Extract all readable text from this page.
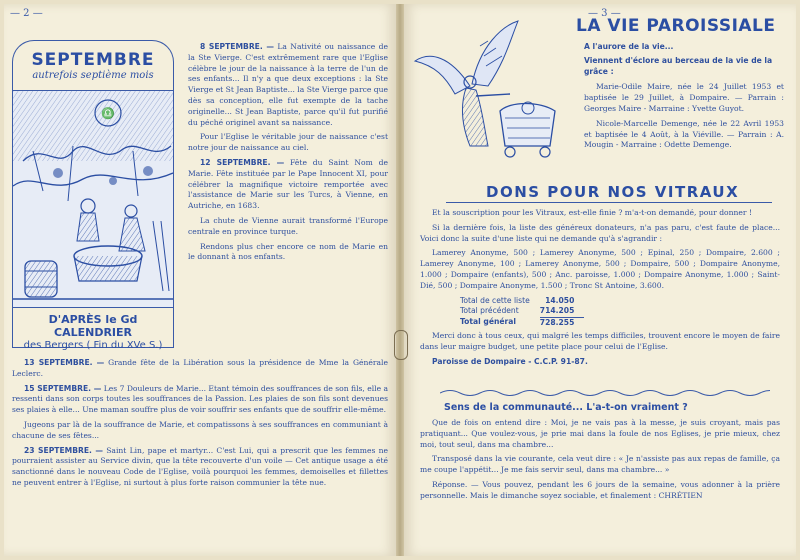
— 2 —
SEPTEMBRE
autrefois septième mois
♎
D'APRÈS le Gd CALENDRIER
des Bergers ( Fin du XVe S.)

8 SEPTEMBRE. — La Nativité ou naissance de la Ste Vierge. C'est extrêmement rare que l'Eglise célèbre le jour de la naissance à la terre de l'un de ses enfants... Il n'y a que deux exceptions : la Ste Vierge et St Jean Baptiste... la Ste Vierge parce que dès sa conception, elle fut exempte de la tache originelle... St Jean Baptiste, parce qu'il fut purifié du péché originel avant sa naissance.

Pour l'Eglise le véritable jour de naissance c'est notre jour de naissance au ciel.

12 SEPTEMBRE. — Fête du Saint Nom de Marie. Fête instituée par le Pape Innocent XI, pour célébrer la magnifique victoire remportée avec l'assistance de Marie sur les Turcs, à Vienne, en Autriche, en 1683.

La chute de Vienne aurait transformé l'Europe centrale en province turque.

Rendons plus cher encore ce nom de Marie en le donnant à nos enfants.

13 SEPTEMBRE. — Grande fête de la Libération sous la présidence de Mme la Générale Leclerc.

15 SEPTEMBRE. — Les 7 Douleurs de Marie... Etant témoin des souffrances de son fils, elle a ressenti dans son corps toutes les souffrances de la Passion. Les plaies de son fils sont devenues ses plaies à elle... Une maman souffre plus de voir souffrir ses enfants que de souffrir elle-même.

Jugeons par là de la souffrance de Marie, et compatissons à ses souffrances en communiant à chacune de ses fêtes...

23 SEPTEMBRE. — Saint Lin, pape et martyr... C'est Lui, qui a prescrit que les femmes ne pourraient assister au Service divin, que la tête recouverte d'un voile — Cet antique usage a été sanctionné dans le nouveau Code de l'Eglise, voilà pourquoi les femmes, demoiselles et fillettes ne peuvent entrer à l'Eglise, ni surtout à plus forte raison communier la tête nue.

— 3 —
LA VIE PAROISSIALE
A l'aurore de la vie...
Viennent d'éclore au berceau de la vie de la grâce :

Marie-Odile Maire, née le 24 Juillet 1953 et baptisée le 29 Juillet, à Dompaire. — Parrain : Georges Maire - Marraine : Yvette Guyot.

Nicole-Marcelle Demenge, née le 22 Avril 1953 et baptisée le 4 Août, à la Viéville. — Parrain : A. Mougin - Marraine : Odette Demenge.

DONS POUR NOS VITRAUX

Et la souscription pour les Vitraux, est-elle finie ? m'a-t-on demandé, pour donner !

Si la dernière fois, la liste des généreux donateurs, n'a pas paru, c'est faute de place... Voici donc la suite d'une liste qui ne demande qu'à s'agrandir :

Lamerey Anonyme, 500 ; Lamerey Anonyme, 500 ; Epinal, 250 ; Dompaire, 2.600 ; Lamerey Anonyme, 100 ; Lamerey Anonyme, 500 ; Dompaire, 500 ; Dompaire Anonyme, 1.000 ; Dompaire (enfants), 500 ; Anc. paroisse, 1.000 ; Dompaire Anonyme, 1.000 ; Saint-Dié, 500 ; Dompaire Anonyme, 1.500 ; Tronc St Antoine, 3.600.

Total de cette liste	14.050
Total précédent	714.205
Total général	728.255

Merci donc à tous ceux, qui malgré les temps difficiles, trouvent encore le moyen de faire dans leur maigre budget, une petite place pour celui de l'Eglise.

Paroisse de Dompaire - C.C.P. 91-87.

Sens de la communauté... L'a-t-on vraiment ?

Que de fois on entend dire : Moi, je ne vais pas à la messe, je suis croyant, mais pas pratiquant... Que voulez-vous, je prie mai dans la foule de nos Eglises, je prie mieux, chez moi, tout seul, dans ma chambre...

Transposé dans la vie courante, cela veut dire : « Je n'assiste pas aux repas de famille, ça me coupe l'appétit... Je me fais servir seul, dans ma chambre... »

Réponse. — Vous pouvez, pendant les 6 jours de la semaine, vous adonner à la prière personnelle. Mais le dimanche soyez sociable, et finalement : CHRÉTIEN
